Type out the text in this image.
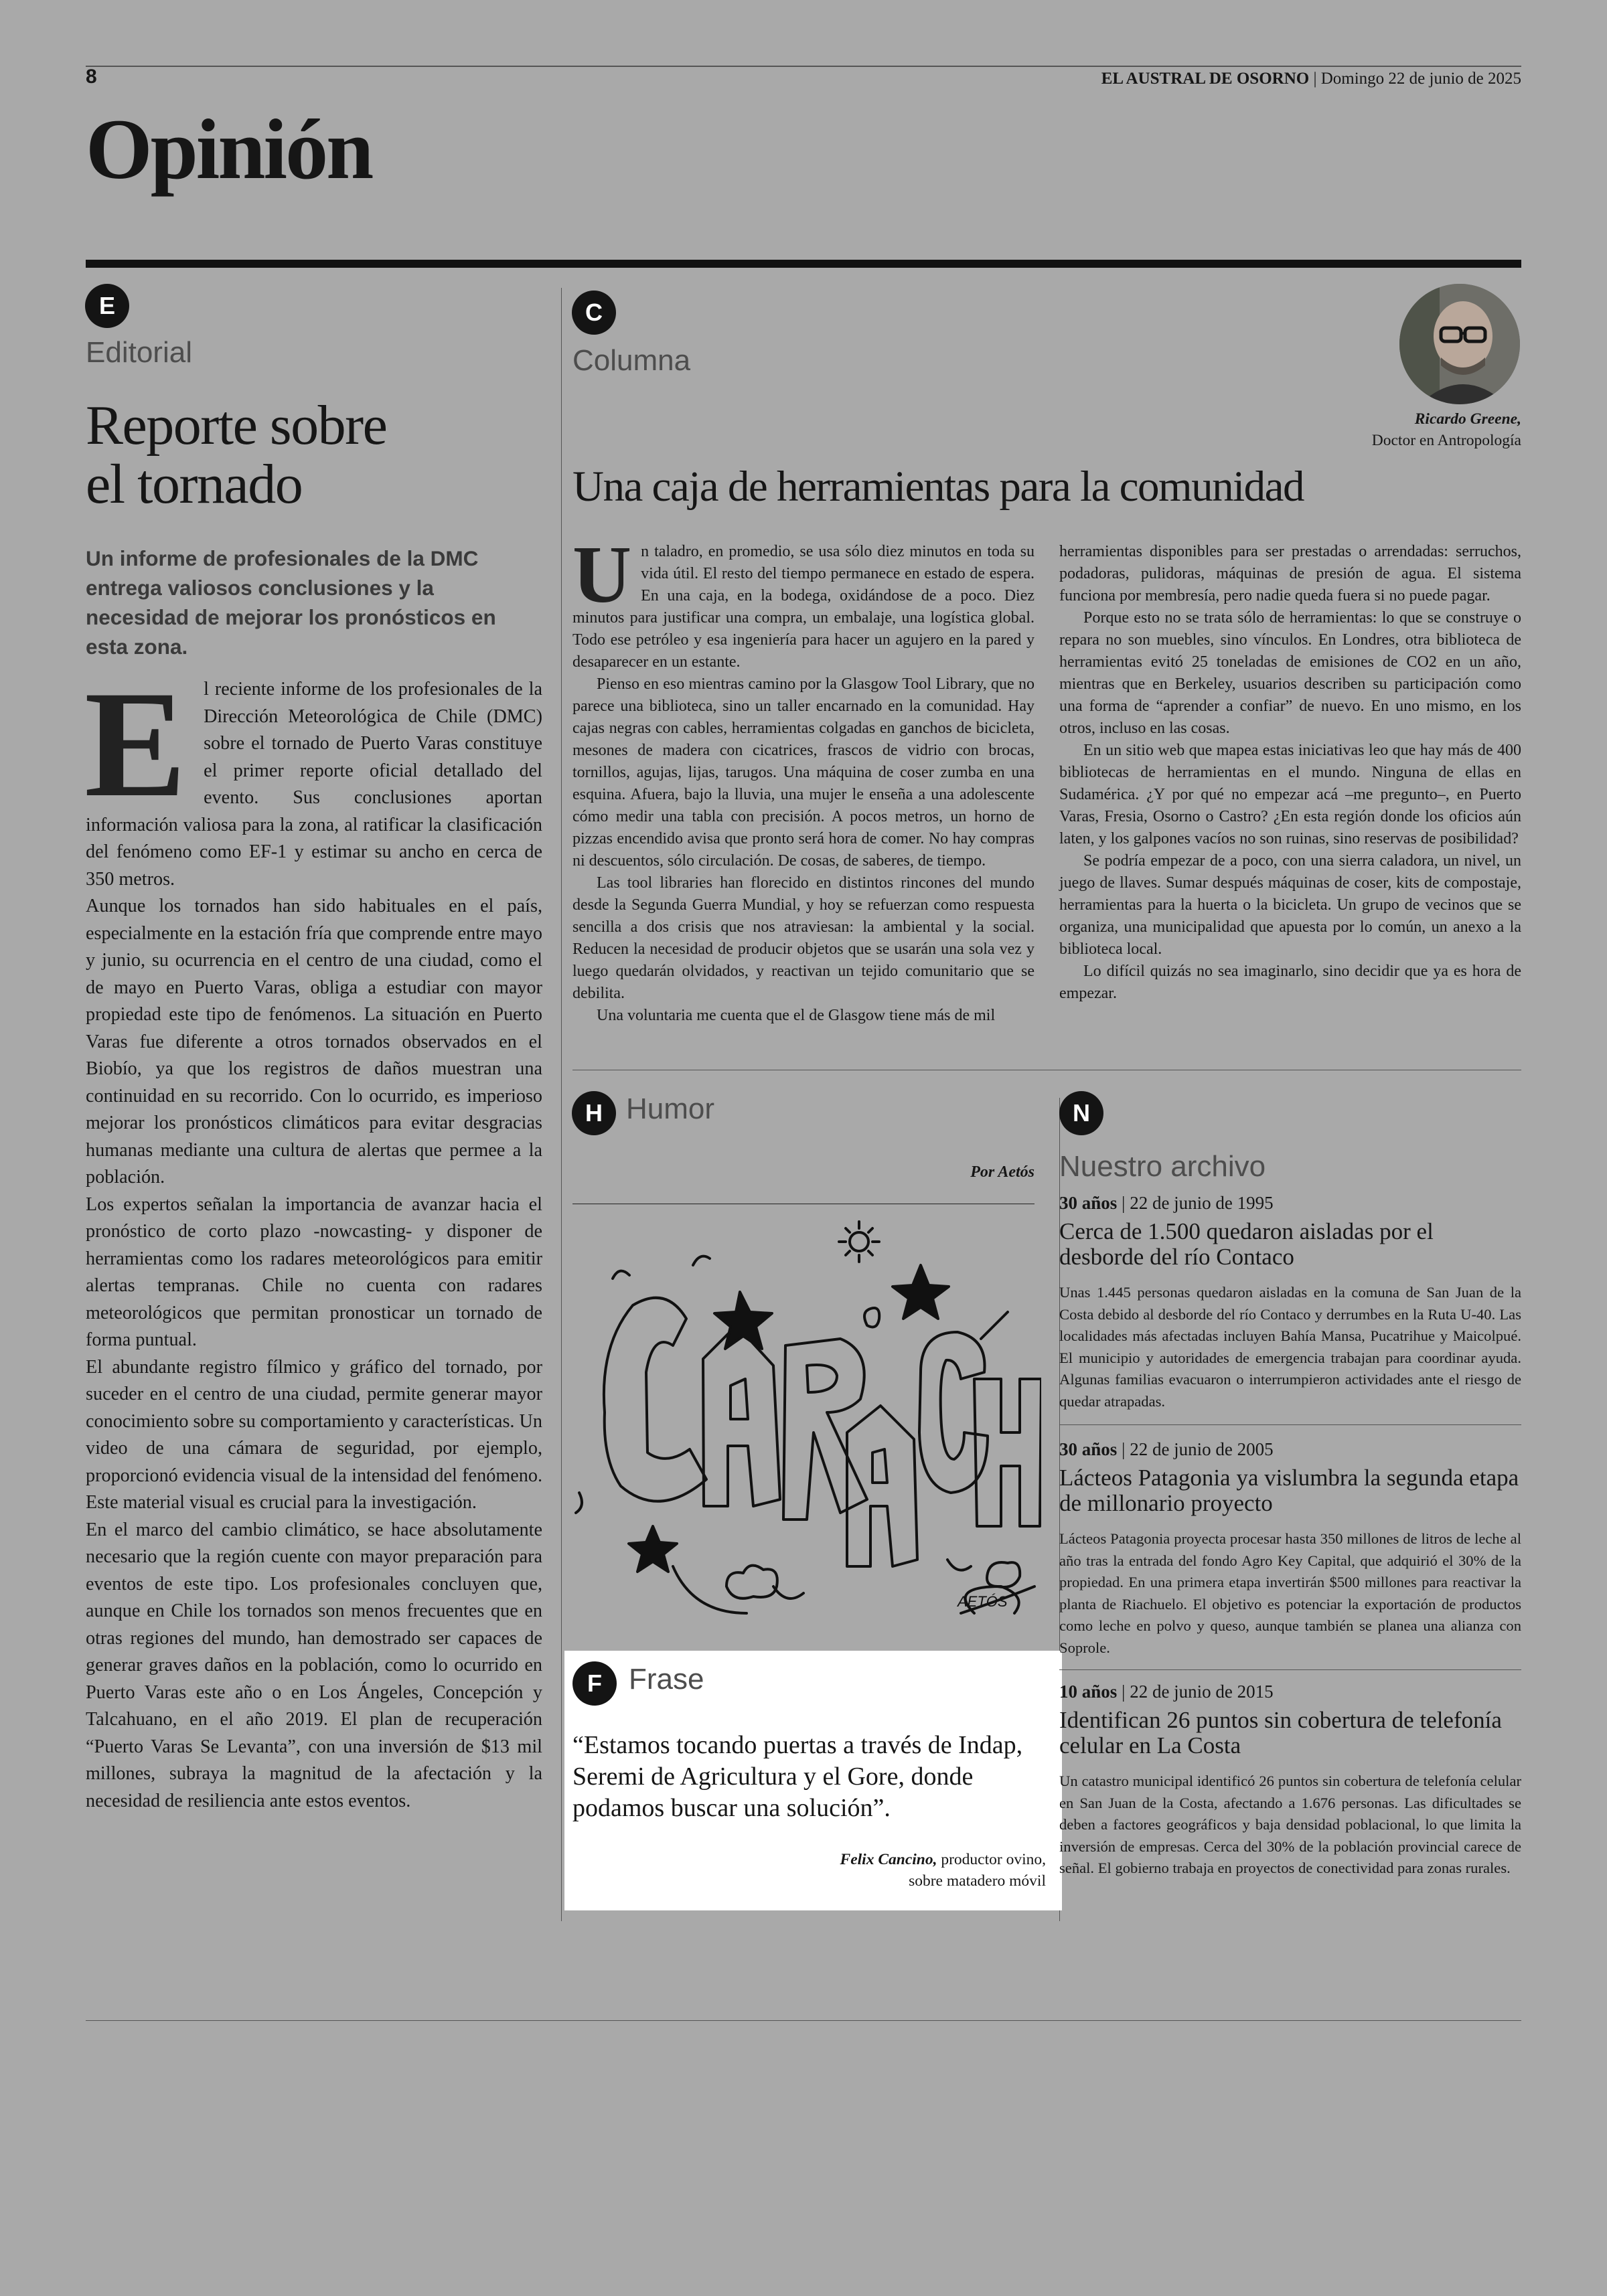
8	EL AUSTRAL DE OSORNO | Domingo 22 de junio de 2025
Opinión
E
Editorial
Reporte sobre
el tornado
Un informe de profesionales de la DMC entrega valiosos conclusiones y la necesidad de mejorar los pronósticos en esta zona.
E l reciente informe de los profesionales de la Dirección Meteorológica de Chile (DMC) sobre el tornado de Puerto Varas constituye el primer reporte oficial detallado del evento. Sus conclusiones aportan información valiosa para la zona, al ratificar la clasificación del fenómeno como EF-1 y estimar su ancho en cerca de 350 metros.

Aunque los tornados han sido habituales en el país, especialmente en la estación fría que comprende entre mayo y junio, su ocurrencia en el centro de una ciudad, como el de mayo en Puerto Varas, obliga a estudiar con mayor propiedad este tipo de fenómenos. La situación en Puerto Varas fue diferente a otros tornados observados en el Biobío, ya que los registros de daños muestran una continuidad en su recorrido. Con lo ocurrido, es imperioso mejorar los pronósticos climáticos para evitar desgracias humanas mediante una cultura de alertas que permee a la población.

Los expertos señalan la importancia de avanzar hacia el pronóstico de corto plazo -nowcasting- y disponer de herramientas como los radares meteorológicos para emitir alertas tempranas. Chile no cuenta con radares meteorológicos que permitan pronosticar un tornado de forma puntual.

El abundante registro fílmico y gráfico del tornado, por suceder en el centro de una ciudad, permite generar mayor conocimiento sobre su comportamiento y características. Un video de una cámara de seguridad, por ejemplo, proporcionó evidencia visual de la intensidad del fenómeno. Este material visual es crucial para la investigación.

En el marco del cambio climático, se hace absolutamente necesario que la región cuente con mayor preparación para eventos de este tipo. Los profesionales concluyen que, aunque en Chile los tornados son menos frecuentes que en otras regiones del mundo, han demostrado ser capaces de generar graves daños en la población, como lo ocurrido en Puerto Varas este año o en Los Ángeles, Concepción y Talcahuano, en el año 2019. El plan de recuperación “Puerto Varas Se Levanta”, con una inversión de $13 mil millones, subraya la magnitud de la afectación y la necesidad de resiliencia ante estos eventos.

C
Columna
Ricardo Greene,
Doctor en Antropología
Una caja de herramientas para la comunidad
U n taladro, en promedio, se usa sólo diez minutos en toda su vida útil. El resto del tiempo permanece en estado de espera. En una caja, en la bodega, oxidándose de a poco. Diez minutos para justificar una compra, un embalaje, una logística global. Todo ese petróleo y esa ingeniería para hacer un agujero en la pared y desaparecer en un estante.

Pienso en eso mientras camino por la Glasgow Tool Library, que no parece una biblioteca, sino un taller encarnado en la comunidad. Hay cajas negras con cables, herramientas colgadas en ganchos de bicicleta, mesones de madera con cicatrices, frascos de vidrio con brocas, tornillos, agujas, lijas, tarugos. Una máquina de coser zumba en una esquina. Afuera, bajo la lluvia, una mujer le enseña a una adolescente cómo medir una tabla con precisión. A pocos metros, un horno de pizzas encendido avisa que pronto será hora de comer. No hay compras ni descuentos, sólo circulación. De cosas, de saberes, de tiempo.

Las tool libraries han florecido en distintos rincones del mundo desde la Segunda Guerra Mundial, y hoy se refuerzan como respuesta sencilla a dos crisis que nos atraviesan: la ambiental y la social. Reducen la necesidad de producir objetos que se usarán una sola vez y luego quedarán olvidados, y reactivan un tejido comunitario que se debilita.

Una voluntaria me cuenta que el de Glasgow tiene más de mil

herramientas disponibles para ser prestadas o arrendadas: serruchos, podadoras, pulidoras, máquinas de presión de agua. El sistema funciona por membresía, pero nadie queda fuera si no puede pagar.

Porque esto no se trata sólo de herramientas: lo que se construye o repara no son muebles, sino vínculos. En Londres, otra biblioteca de herramientas evitó 25 toneladas de emisiones de CO2 en un año, mientras que en Berkeley, usuarios describen su participación como una forma de “aprender a confiar” de nuevo. En uno mismo, en los otros, incluso en las cosas.

En un sitio web que mapea estas iniciativas leo que hay más de 400 bibliotecas de herramientas en el mundo. Ninguna de ellas en Sudamérica. ¿Y por qué no empezar acá –me pregunto–, en Puerto Varas, Fresia, Osorno o Castro? ¿En esta región donde los oficios aún laten, y los galpones vacíos no son ruinas, sino reservas de posibilidad?

Se podría empezar de a poco, con una sierra caladora, un nivel, un juego de llaves. Sumar después máquinas de coser, kits de compostaje, herramientas para la huerta o la bicicleta. Un grupo de vecinos que se organiza, una municipalidad que apuesta por lo común, un anexo a la biblioteca local.

Lo difícil quizás no sea imaginarlo, sino decidir que ya es hora de empezar.

H Humor
Por Aetós
AETÓS
F Frase
“Estamos tocando puertas a través de Indap, Seremi de Agricultura y el Gore, donde podamos buscar una solución”.
Felix Cancino, productor ovino,
sobre matadero móvil
N
Nuestro archivo
30 años | 22 de junio de 1995
Cerca de 1.500 quedaron aisladas por el desborde del río Contaco
Unas 1.445 personas quedaron aisladas en la comuna de San Juan de la Costa debido al desborde del río Contaco y derrumbes en la Ruta U-40. Las localidades más afectadas incluyen Bahía Mansa, Pucatrihue y Maicolpué. El municipio y autoridades de emergencia trabajan para coordinar ayuda. Algunas familias evacuaron o interrumpieron actividades ante el riesgo de quedar atrapadas.
30 años | 22 de junio de 2005
Lácteos Patagonia ya vislumbra la segunda etapa de millonario proyecto
Lácteos Patagonia proyecta procesar hasta 350 millones de litros de leche al año tras la entrada del fondo Agro Key Capital, que adquirió el 30% de la propiedad. En una primera etapa invertirán $500 millones para reactivar la planta de Riachuelo. El objetivo es potenciar la exportación de productos como leche en polvo y queso, aunque también se planea una alianza con Soprole.
10 años | 22 de junio de 2015
Identifican 26 puntos sin cobertura de telefonía celular en La Costa
Un catastro municipal identificó 26 puntos sin cobertura de telefonía celular en San Juan de la Costa, afectando a 1.676 personas. Las dificultades se deben a factores geográficos y baja densidad poblacional, lo que limita la inversión de empresas. Cerca del 30% de la población provincial carece de señal. El gobierno trabaja en proyectos de conectividad para zonas rurales.
